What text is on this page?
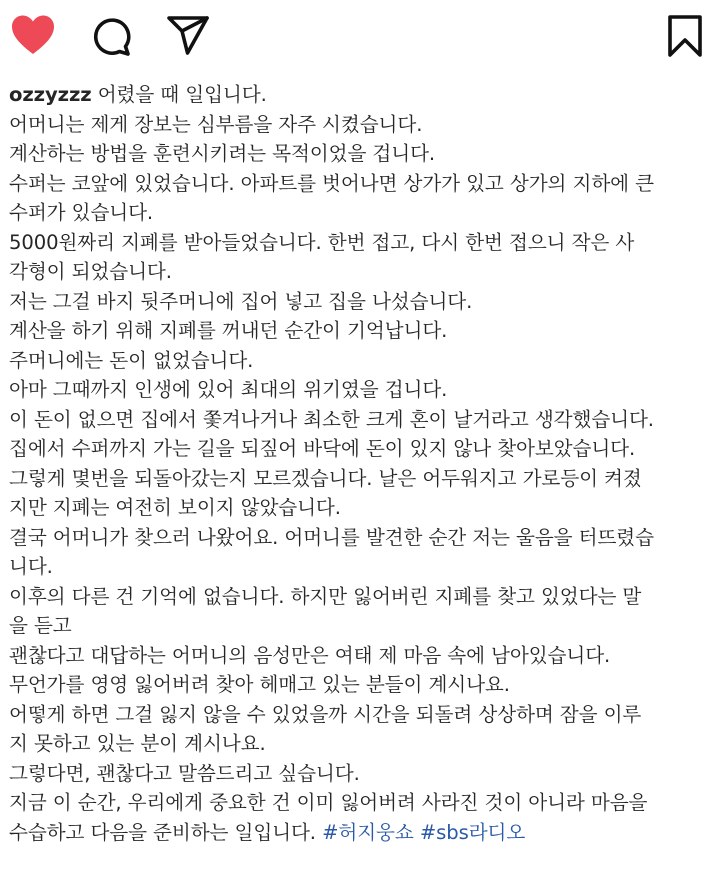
ozzyzzz 어렸을 때 일입니다.
어머니는 제게 장보는 심부름을 자주 시켰습니다.
계산하는 방법을 훈련시키려는 목적이었을 겁니다.
수퍼는 코앞에 있었습니다. 아파트를 벗어나면 상가가 있고 상가의 지하에 큰
수퍼가 있습니다.
5000원짜리 지폐를 받아들었습니다. 한번 접고, 다시 한번 접으니 작은 사
각형이 되었습니다.
저는 그걸 바지 뒷주머니에 집어 넣고 집을 나섰습니다.
계산을 하기 위해 지폐를 꺼내던 순간이 기억납니다.
주머니에는 돈이 없었습니다.
아마 그때까지 인생에 있어 최대의 위기였을 겁니다.
이 돈이 없으면 집에서 쫓겨나거나 최소한 크게 혼이 날거라고 생각했습니다.
집에서 수퍼까지 가는 길을 되짚어 바닥에 돈이 있지 않나 찾아보았습니다.
그렇게 몇번을 되돌아갔는지 모르겠습니다. 날은 어두워지고 가로등이 켜졌
지만 지폐는 여전히 보이지 않았습니다.
결국 어머니가 찾으러 나왔어요. 어머니를 발견한 순간 저는 울음을 터뜨렸습
니다.
이후의 다른 건 기억에 없습니다. 하지만 잃어버린 지폐를 찾고 있었다는 말
을 듣고
괜찮다고 대답하는 어머니의 음성만은 여태 제 마음 속에 남아있습니다.
무언가를 영영 잃어버려 찾아 헤매고 있는 분들이 계시나요.
어떻게 하면 그걸 잃지 않을 수 있었을까 시간을 되돌려 상상하며 잠을 이루
지 못하고 있는 분이 계시나요.
그렇다면, 괜찮다고 말씀드리고 싶습니다.
지금 이 순간, 우리에게 중요한 건 이미 잃어버려 사라진 것이 아니라 마음을
수습하고 다음을 준비하는 일입니다. #허지웅쇼 #sbs라디오
